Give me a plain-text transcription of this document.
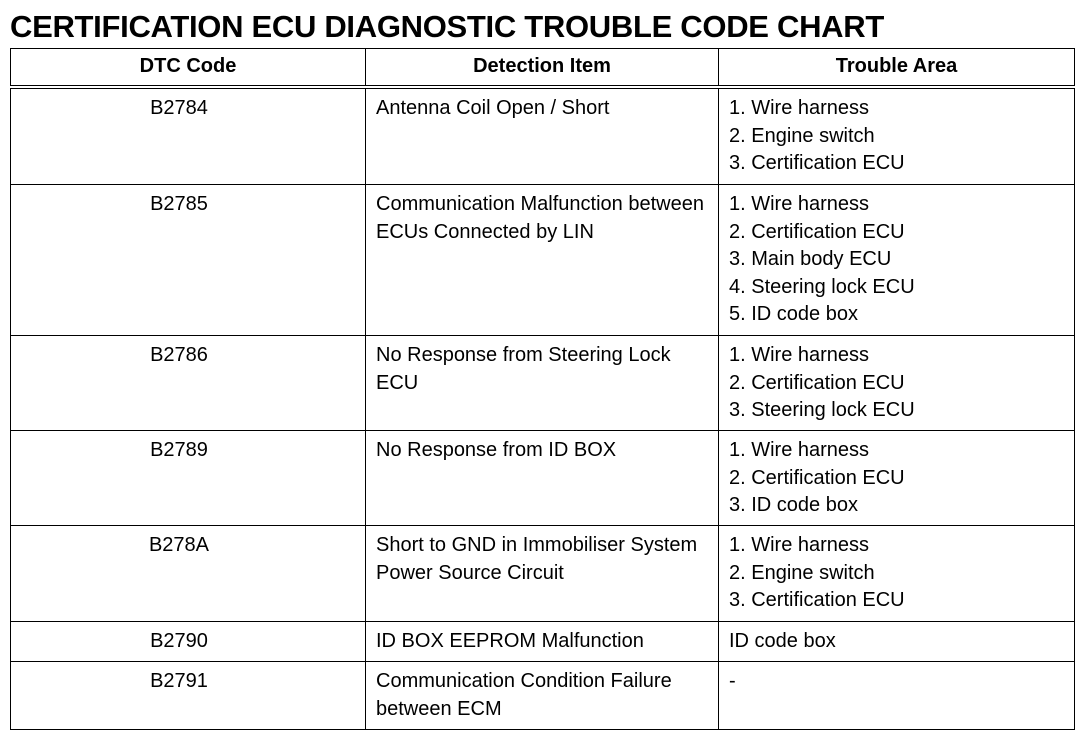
CERTIFICATION ECU DIAGNOSTIC TROUBLE CODE CHART
DTC Code	Detection Item	Trouble Area
B2784	Antenna Coil Open / Short	1. Wire harness
2. Engine switch
3. Certification ECU

B2785	Communication Malfunction between ECUs Connected by LIN	1. Wire harness
2. Certification ECU
3. Main body ECU
4. Steering lock ECU
5. ID code box

B2786	No Response from Steering Lock ECU	1. Wire harness
2. Certification ECU
3. Steering lock ECU

B2789	No Response from ID BOX	1. Wire harness
2. Certification ECU
3. ID code box

B278A	Short to GND in Immobiliser System Power Source Circuit	1. Wire harness
2. Engine switch
3. Certification ECU

B2790	ID BOX EEPROM Malfunction	ID code box

B2791	Communication Condition Failure between ECM	-
